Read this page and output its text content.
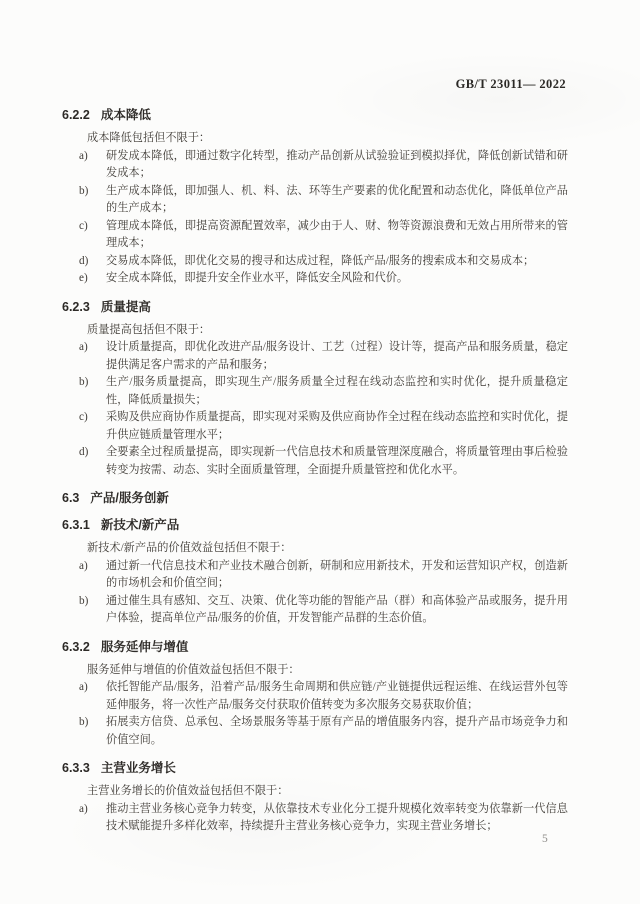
GB/T 23011— 2022
6.2.2 成本降低

成本降低包括但不限于：

a)	研发成本降低，即通过数字化转型，推动产品创新从试验验证到模拟择优，降低创新试错和研发成本；
b)	生产成本降低，即加强人、机、料、法、环等生产要素的优化配置和动态优化，降低单位产品的生产成本；
c)	管理成本降低，即提高资源配置效率，减少由于人、财、物等资源浪费和无效占用所带来的管理成本；
d)	交易成本降低，即优化交易的搜寻和达成过程，降低产品/服务的搜索成本和交易成本；
e)	安全成本降低，即提升安全作业水平，降低安全风险和代价。
6.2.3 质量提高

质量提高包括但不限于：

a)	设计质量提高，即优化改进产品/服务设计、工艺（过程）设计等，提高产品和服务质量，稳定提供满足客户需求的产品和服务；
b)	生产/服务质量提高，即实现生产/服务质量全过程在线动态监控和实时优化，提升质量稳定性，降低质量损失；
c)	采购及供应商协作质量提高，即实现对采购及供应商协作全过程在线动态监控和实时优化，提升供应链质量管理水平；
d)	全要素全过程质量提高，即实现新一代信息技术和质量管理深度融合，将质量管理由事后检验转变为按需、动态、实时全面质量管理，全面提升质量管控和优化水平。
6.3 产品/服务创新
6.3.1 新技术/新产品

新技术/新产品的价值效益包括但不限于：

a)	通过新一代信息技术和产业技术融合创新，研制和应用新技术，开发和运营知识产权，创造新的市场机会和价值空间；
b)	通过催生具有感知、交互、决策、优化等功能的智能产品（群）和高体验产品或服务，提升用户体验，提高单位产品/服务的价值，开发智能产品群的生态价值。
6.3.2 服务延伸与增值

服务延伸与增值的价值效益包括但不限于：

a)	依托智能产品/服务，沿着产品/服务生命周期和供应链/产业链提供远程运维、在线运营外包等延伸服务，将一次性产品/服务交付获取价值转变为多次服务交易获取价值；
b)	拓展卖方信贷、总承包、全场景服务等基于原有产品的增值服务内容，提升产品市场竞争力和价值空间。
6.3.3 主营业务增长

主营业务增长的价值效益包括但不限于：

a)	推动主营业务核心竞争力转变，从依靠技术专业化分工提升规模化效率转变为依靠新一代信息技术赋能提升多样化效率，持续提升主营业务核心竞争力，实现主营业务增长；
5
